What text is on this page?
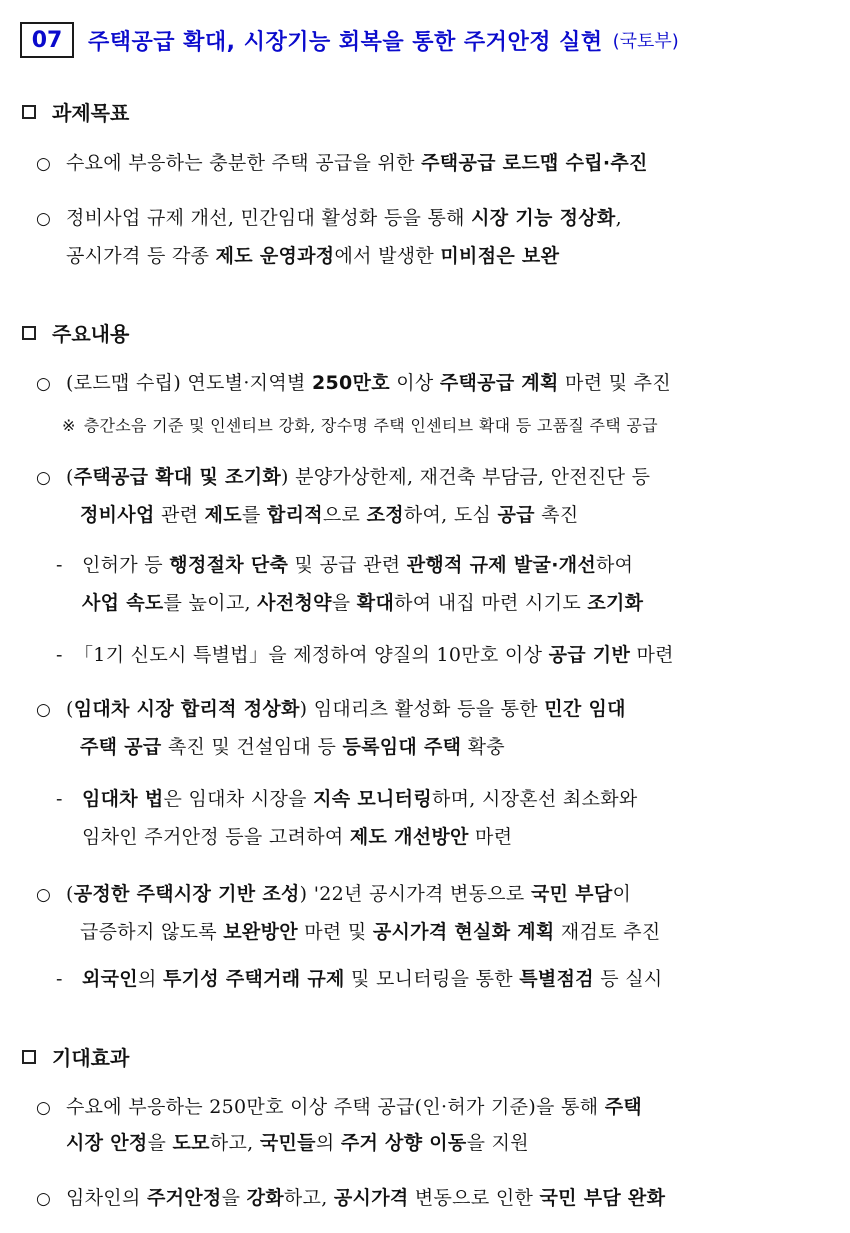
07	주택공급 확대, 시장기능 회복을 통한 주거안정 실현 (국토부)
과제목표
○ 수요에 부응하는 충분한 주택 공급을 위한 주택공급 로드맵 수립·추진
○ 정비사업 규제 개선, 민간임대 활성화 등을 통해 시장 기능 정상화,
공시가격 등 각종 제도 운영과정에서 발생한 미비점은 보완
주요내용
○ (로드맵 수립) 연도별·지역별 250만호 이상 주택공급 계획 마련 및 추진
※ 층간소음 기준 및 인센티브 강화, 장수명 주택 인센티브 확대 등 고품질 주택 공급
○ (주택공급 확대 및 조기화) 분양가상한제, 재건축 부담금, 안전진단 등
정비사업 관련 제도를 합리적으로 조정하여, 도심 공급 촉진
- 인허가 등 행정절차 단축 및 공급 관련 관행적 규제 발굴·개선하여
사업 속도를 높이고, 사전청약을 확대하여 내집 마련 시기도 조기화
- 「1기 신도시 특별법」을 제정하여 양질의 10만호 이상 공급 기반 마련
○ (임대차 시장 합리적 정상화) 임대리츠 활성화 등을 통한 민간 임대
주택 공급 촉진 및 건설임대 등 등록임대 주택 확충
- 임대차 법은 임대차 시장을 지속 모니터링하며, 시장혼선 최소화와
임차인 주거안정 등을 고려하여 제도 개선방안 마련
○ (공정한 주택시장 기반 조성) '22년 공시가격 변동으로 국민 부담이
급증하지 않도록 보완방안 마련 및 공시가격 현실화 계획 재검토 추진
- 외국인의 투기성 주택거래 규제 및 모니터링을 통한 특별점검 등 실시
기대효과
○ 수요에 부응하는 250만호 이상 주택 공급(인·허가 기준)을 통해 주택
시장 안정을 도모하고, 국민들의 주거 상향 이동을 지원
○ 임차인의 주거안정을 강화하고, 공시가격 변동으로 인한 국민 부담 완화
